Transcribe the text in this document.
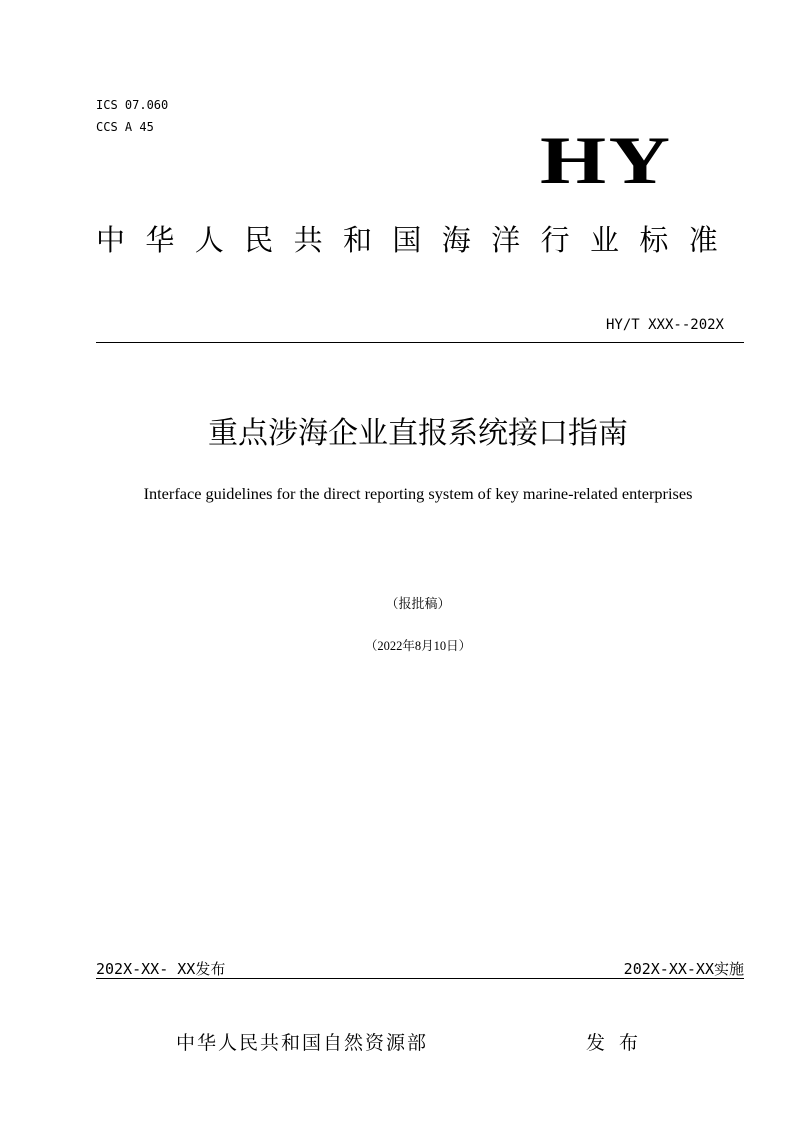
ICS 07.060
CCS A 45	HY
中华人民共和国海洋行业标准
HY/T XXX--202X
重点涉海企业直报系统接口指南
Interface guidelines for the direct reporting system of key marine-related enterprises
（报批稿）
（2022年8月10日）
202X-XX- XX发布	202X-XX-XX实施
中华人民共和国自然资源部	发 布
